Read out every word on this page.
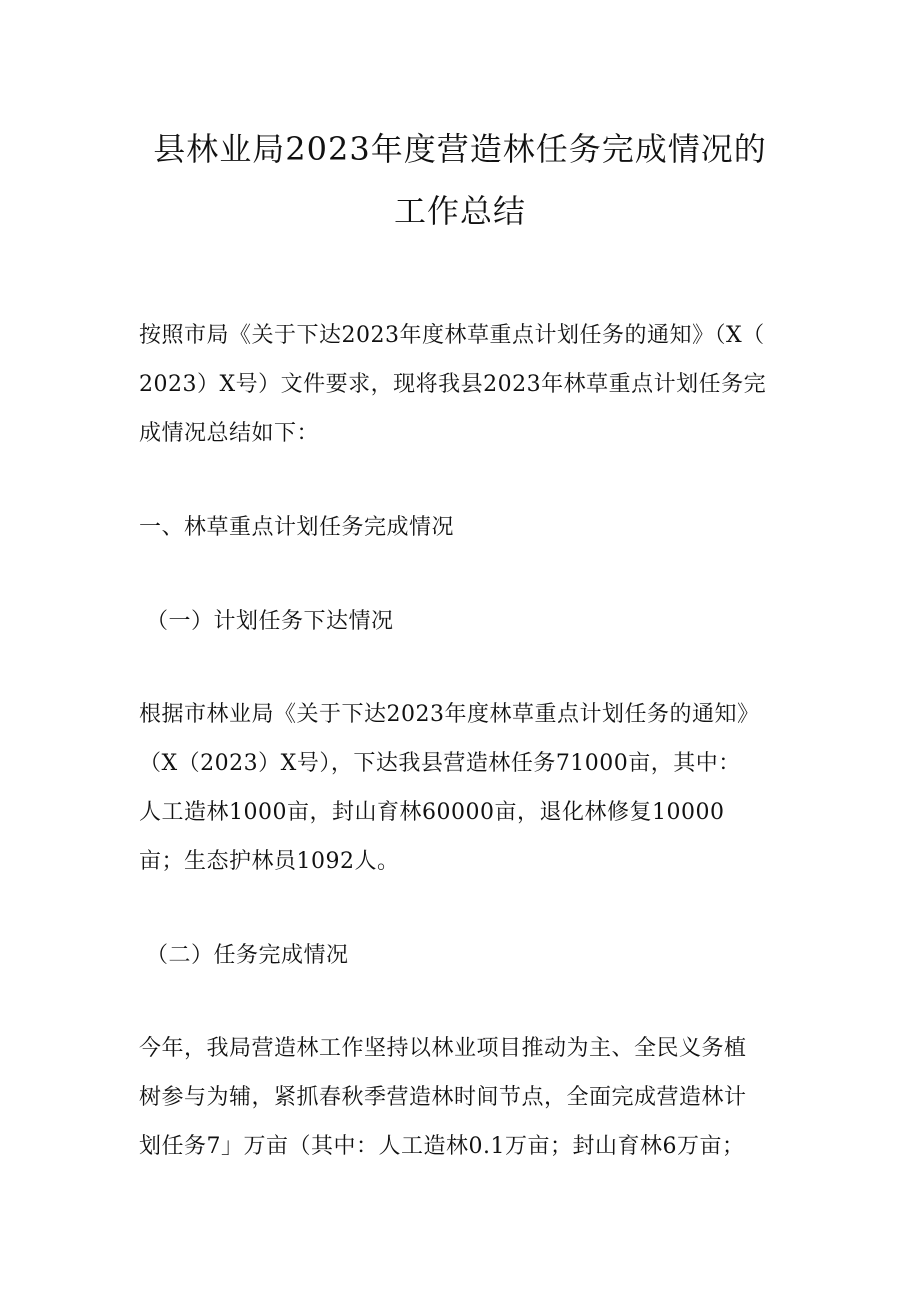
县林业局2023年度营造林任务完成情况的
工作总结
按照市局《关于下达2023年度林草重点计划任务的通知》（X（
2023）X号）文件要求，现将我县2023年林草重点计划任务完
成情况总结如下：
一、林草重点计划任务完成情况
（一）计划任务下达情况
根据市林业局《关于下达2023年度林草重点计划任务的通知》
（X（2023）X号），下达我县营造林任务71000亩，其中：
人工造林1000亩，封山育林60000亩，退化林修复10000
亩；生态护林员1092人。
（二）任务完成情况
今年，我局营造林工作坚持以林业项目推动为主、全民义务植
树参与为辅，紧抓春秋季营造林时间节点，全面完成营造林计
划任务7」万亩（其中：人工造林0.1万亩；封山育林6万亩；
